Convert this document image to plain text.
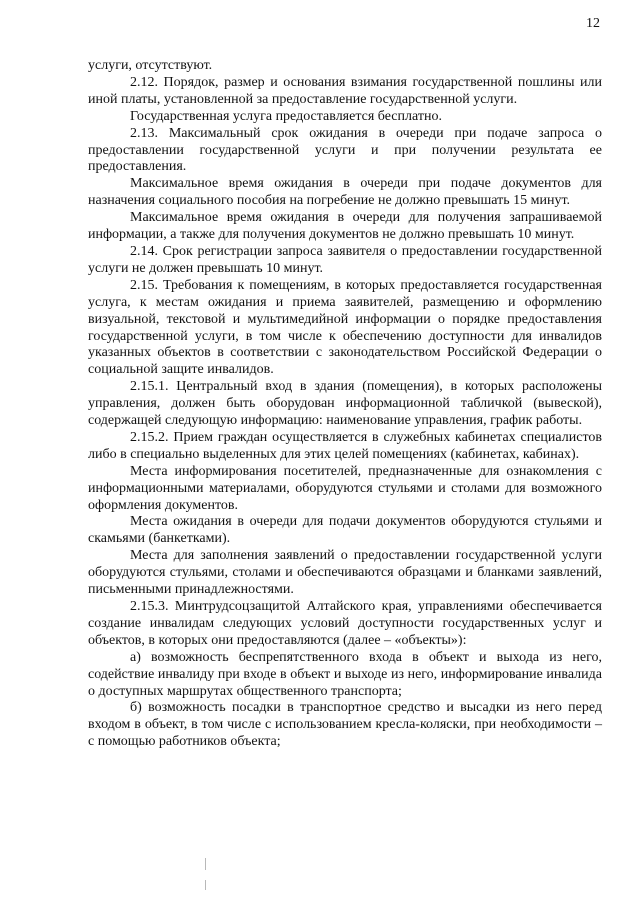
12

услуги, отсутствуют.

2.12. Порядок, размер и основания взимания государственной пошлины или иной платы, установленной за предоставление государственной услуги.

Государственная услуга предоставляется бесплатно.

2.13. Максимальный срок ожидания в очереди при подаче запроса о предоставлении государственной услуги и при получении результата ее предоставления.

Максимальное время ожидания в очереди при подаче документов для назначения социального пособия на погребение не должно превышать 15 минут.

Максимальное время ожидания в очереди для получения запрашиваемой информации, а также для получения документов не должно превышать 10 минут.

2.14. Срок регистрации запроса заявителя о предоставлении государственной услуги не должен превышать 10 минут.

2.15. Требования к помещениям, в которых предоставляется государственная услуга, к местам ожидания и приема заявителей, размещению и оформлению визуальной, текстовой и мультимедийной информации о порядке предоставления государственной услуги, в том числе к обеспечению доступности для инвалидов указанных объектов в соответствии с законодательством Российской Федерации о социальной защите инвалидов.

2.15.1. Центральный вход в здания (помещения), в которых расположены управления, должен быть оборудован информационной табличкой (вывеской), содержащей следующую информацию: наименование управления, график работы.

2.15.2. Прием граждан осуществляется в служебных кабинетах специалистов либо в специально выделенных для этих целей помещениях (кабинетах, кабинах).

Места информирования посетителей, предназначенные для ознакомления с информационными материалами, оборудуются стульями и столами для возможного оформления документов.

Места ожидания в очереди для подачи документов оборудуются стульями и скамьями (банкетками).

Места для заполнения заявлений о предоставлении государственной услуги оборудуются стульями, столами и обеспечиваются образцами и бланками заявлений, письменными принадлежностями.

2.15.3. Минтрудсоцзащитой Алтайского края, управлениями обеспечивается создание инвалидам следующих условий доступности государственных услуг и объектов, в которых они предоставляются (далее – «объекты»):

а) возможность беспрепятственного входа в объект и выхода из него, содействие инвалиду при входе в объект и выходе из него, информирование инвалида о доступных маршрутах общественного транспорта;

б) возможность посадки в транспортное средство и высадки из него перед входом в объект, в том числе с использованием кресла-коляски, при необходимости – с помощью работников объекта;
